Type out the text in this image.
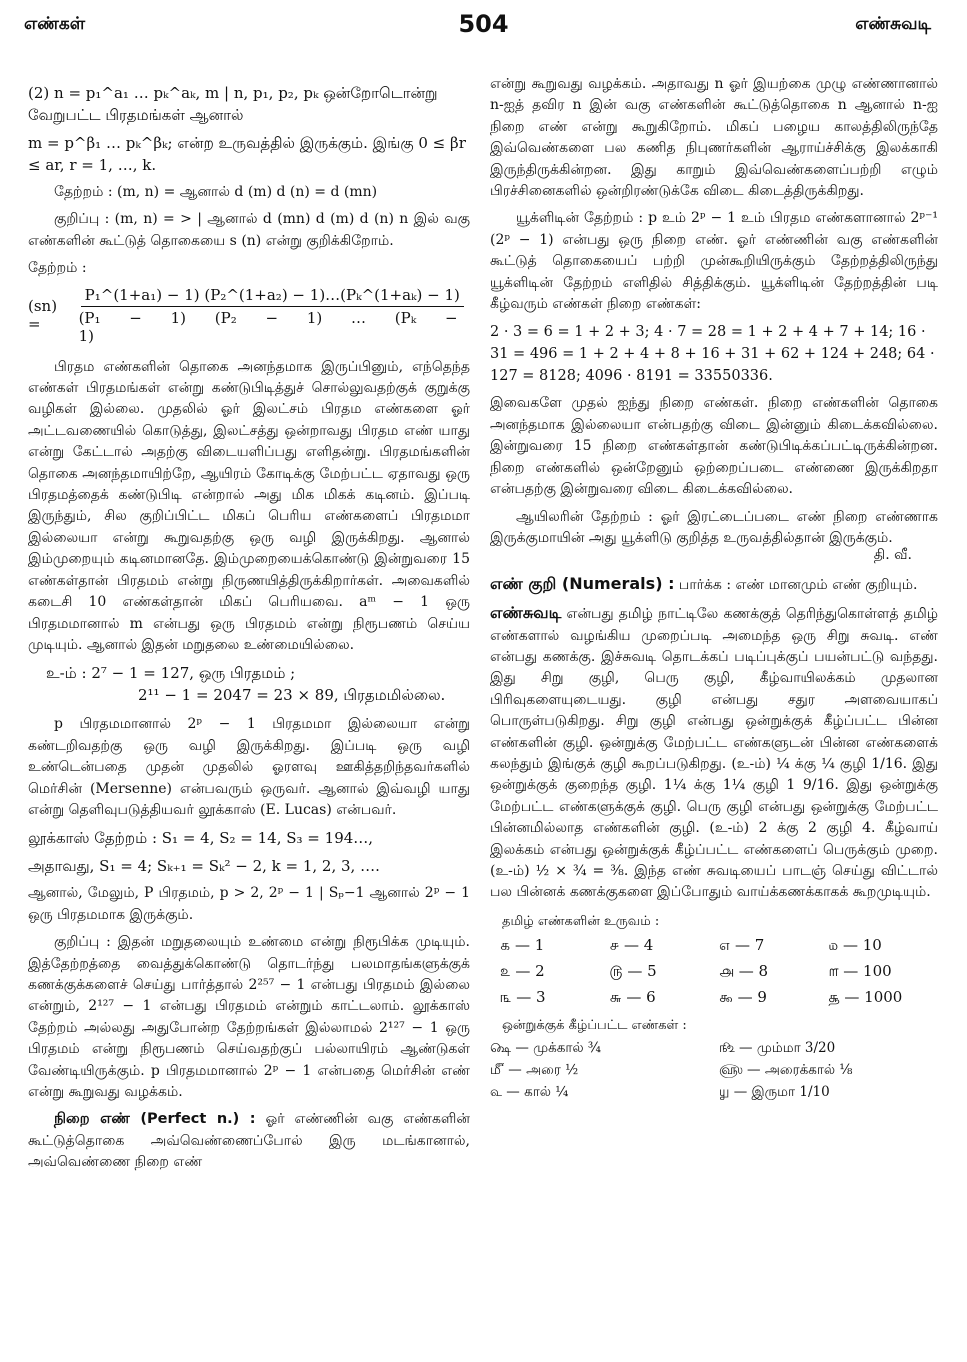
எண்கள்	504	எண்சுவடி

(2) n = p₁^a₁ … pₖ^aₖ, m | n, p₁, p₂, pₖ ஒன்றோடொன்று வேறுபட்ட பிரதமங்கள் ஆனால்

m = p^β₁ … pₖ^βₖ; என்ற உருவத்தில் இருக்கும். இங்கு 0 ≤ βr ≤ ar, r = 1, …, k.

தேற்றம் : (m, n) = ஆனால் d (m) d (n) = d (mn)

குறிப்பு : (m, n) = > | ஆனால் d (mn) d (m) d (n) n இல் வகு எண்களின் கூட்டுத் தொகையை s (n) என்று குறிக்கிறோம்.

தேற்றம் :

(sn) =	$\frac{\text{P₁\textasciicircum{}(1+a₁) − 1) (P₂\textasciicircum{}(1+a₂) − 1)…(Pₖ\textasciicircum{}(1+aₖ) − 1)}}{\text{(P₁ − 1) (P₂ − 1) … (Pₖ − 1)}}$

பிரதம எண்களின் தொகை அனந்தமாக இருப்பினும், எந்தெந்த எண்கள் பிரதமங்கள் என்று கண்டுபிடித்துச் சொல்லுவதற்குக் குறுக்கு வழிகள் இல்லை. முதலில் ஓர் இலட்சம் பிரதம எண்களை ஓர் அட்டவணையில் கொடுத்து, இலட்சத்து ஒன்றாவது பிரதம எண் யாது என்று கேட்டால் அதற்கு விடையளிப்பது எளிதன்று. பிரதமங்களின் தொகை அனந்தமாயிற்றே, ஆயிரம் கோடிக்கு மேற்பட்ட ஏதாவது ஒரு பிரதமத்தைக் கண்டுபிடி என்றால் அது மிக மிகக் கடினம். இப்படி இருந்தும், சில குறிப்பிட்ட மிகப் பெரிய எண்களைப் பிரதமமா இல்லையா என்று கூறுவதற்கு ஒரு வழி இருக்கிறது. ஆனால் இம்முறையும் கடினமானதே. இம்முறையைக்கொண்டு இன்றுவரை 15 எண்கள்தான் பிரதமம் என்று நிருணயித்திருக்கிறார்கள். அவைகளில் கடைசி 10 எண்கள்தான் மிகப் பெரியவை. aᵐ − 1 ஒரு பிரதமமானால் m என்பது ஒரு பிரதமம் என்று நிரூபணம் செய்ய முடியும். ஆனால் இதன் மறுதலை உண்மையில்லை.

உ-ம் : 2⁷ − 1 = 127, ஒரு பிரதமம் ;

2¹¹ − 1 = 2047 = 23 × 89, பிரதமமில்லை.

p பிரதமமானால் 2ᵖ − 1 பிரதமமா இல்லையா என்று கண்டறிவதற்கு ஒரு வழி இருக்கிறது. இப்படி ஒரு வழி உண்டென்பதை முதன் முதலில் ஓரளவு ஊகித்தறிந்தவர்களில் மெர்சின் (Mersenne) என்பவரும் ஒருவர். ஆனால் இவ்வழி யாது என்று தெளிவுபடுத்தியவர் லூக்காஸ் (E. Lucas) என்பவர்.

லூக்காஸ் தேற்றம் : S₁ = 4, S₂ = 14, S₃ = 194…,

அதாவது, S₁ = 4; Sₖ₊₁ = Sₖ² − 2, k = 1, 2, 3, ….

ஆனால், மேலும், P பிரதமம், p > 2, 2ᵖ − 1 | Sₚ−1 ஆனால் 2ᵖ − 1 ஒரு பிரதமமாக இருக்கும்.

குறிப்பு : இதன் மறுதலையும் உண்மை என்று நிரூபிக்க முடியும். இத்தேற்றத்தை வைத்துக்கொண்டு தொடர்ந்து பலமாதங்களுக்குக் கணக்குக்களைச் செய்து பார்த்தால் 2²⁵⁷ − 1 என்பது பிரதமம் இல்லை என்றும், 2¹²⁷ − 1 என்பது பிரதமம் என்றும் காட்டலாம். லூக்காஸ் தேற்றம் அல்லது அதுபோன்ற தேற்றங்கள் இல்லாமல் 2¹²⁷ − 1 ஒரு பிரதமம் என்று நிரூபணம் செய்வதற்குப் பல்லாயிரம் ஆண்டுகள் வேண்டியிருக்கும். p பிரதமமானால் 2ᵖ − 1 என்பதை மெர்சின் எண் என்று கூறுவது வழக்கம்.

நிறை எண் (Perfect n.) : ஓர் எண்ணின் வகு எண்களின் கூட்டுத்தொகை அவ்வெண்ணைப்போல் இரு மடங்கானால், அவ்வெண்ணை நிறை எண்

என்று கூறுவது வழக்கம். அதாவது n ஓர் இயற்கை முழு எண்ணானால் n-ஐத் தவிர n இன் வகு எண்களின் கூட்டுத்தொகை n ஆனால் n-ஐ நிறை எண் என்று கூறுகிறோம். மிகப் பழைய காலத்திலிருந்தே இவ்வெண்களை பல கணித நிபுணர்களின் ஆராய்ச்சிக்கு இலக்காகி இருந்திருக்கின்றன. இது காறும் இவ்வெண்களைப்பற்றி எழும் பிரச்சினைகளில் ஒன்றிரண்டுக்கே விடை கிடைத்திருக்கிறது.

யூக்ளிடின் தேற்றம் : p உம் 2ᵖ − 1 உம் பிரதம எண்களானால் 2ᵖ⁻¹ (2ᵖ − 1) என்பது ஒரு நிறை எண். ஓர் எண்ணின் வகு எண்களின் கூட்டுத் தொகையைப் பற்றி முன்கூறியிருக்கும் தேற்றத்திலிருந்து யூக்ளிடின் தேற்றம் எளிதில் சித்திக்கும். யூக்ளிடின் தேற்றத்தின் படி கீழ்வரும் எண்கள் நிறை எண்கள்:

2 · 3 = 6 = 1 + 2 + 3; 4 · 7 = 28 = 1 + 2 + 4 + 7 + 14; 16 · 31 = 496 = 1 + 2 + 4 + 8 + 16 + 31 + 62 + 124 + 248; 64 · 127 = 8128; 4096 · 8191 = 33550336.

இவைகளே முதல் ஐந்து நிறை எண்கள். நிறை எண்களின் தொகை அனந்தமாக இல்லையா என்பதற்கு விடை இன்னும் கிடைக்கவில்லை. இன்றுவரை 15 நிறை எண்கள்தான் கண்டுபிடிக்கப்பட்டிருக்கின்றன. நிறை எண்களில் ஒன்றேனும் ஒற்றைப்படை எண்ணை இருக்கிறதா என்பதற்கு இன்றுவரை விடை கிடைக்கவில்லை.

ஆயிலரின் தேற்றம் : ஓர் இரட்டைப்படை எண் நிறை எண்ணாக இருக்குமாயின் அது யூக்ளிடு குறித்த உருவத்தில்தான் இருக்கும்.

தி. வீ.

எண் குறி (Numerals) : பார்க்க : எண் மானமும் எண் குறியும்.

எண்சுவடி என்பது தமிழ் நாட்டிலே கணக்குத் தெரிந்துகொள்ளத் தமிழ் எண்களால் வழங்கிய முறைப்படி அமைந்த ஒரு சிறு சுவடி. எண் என்பது கணக்கு. இச்சுவடி தொடக்கப் படிப்புக்குப் பயன்பட்டு வந்தது. இது சிறு குழி, பெரு குழி, கீழ்வாயிலக்கம் முதலான பிரிவுகளையுடையது. குழி என்பது சதுர அளவையாகப் பொருள்படுகிறது. சிறு குழி என்பது ஒன்றுக்குக் கீழ்ப்பட்ட பின்ன எண்களின் குழி. ஒன்றுக்கு மேற்பட்ட எண்களுடன் பின்ன எண்களைக் கலந்தும் இங்குக் குழி கூறப்படுகிறது. (உ-ம்) ¼ க்கு ¼ குழி 1/16. இது ஒன்றுக்குக் குறைந்த குழி. 1¼ க்கு 1¼ குழி 1 9/16. இது ஒன்றுக்கு மேற்பட்ட எண்களுக்குக் குழி. பெரு குழி என்பது ஒன்றுக்கு மேற்பட்ட பின்னமில்லாத எண்களின் குழி. (உ-ம்) 2 க்கு 2 குழி 4. கீழ்வாய் இலக்கம் என்பது ஒன்றுக்குக் கீழ்ப்பட்ட எண்களைப் பெருக்கும் முறை. (உ-ம்) ½ × ¾ = ⅜. இந்த எண் சுவடியைப் பாடஞ் செய்து விட்டால் பல பின்னக் கணக்குகளை இப்போதும் வாய்க்கணக்காகக் கூறமுடியும்.

தமிழ் எண்களின் உருவம் :

௧ — 1	௪ — 4	௭ — 7	௰ — 10
௨ — 2	௫ — 5	௮ — 8	௱ — 100
௩ — 3	௬ — 6	௯ — 9	௲ — 1000

ஒன்றுக்குக் கீழ்ப்பட்ட எண்கள் :

௸ — முக்கால் ¾	௺ — மும்மா 3/20
௴ — அரை ½	௵ — அரைக்கால் ⅛
௳ — கால் ¼	௶ — இருமா 1/10
